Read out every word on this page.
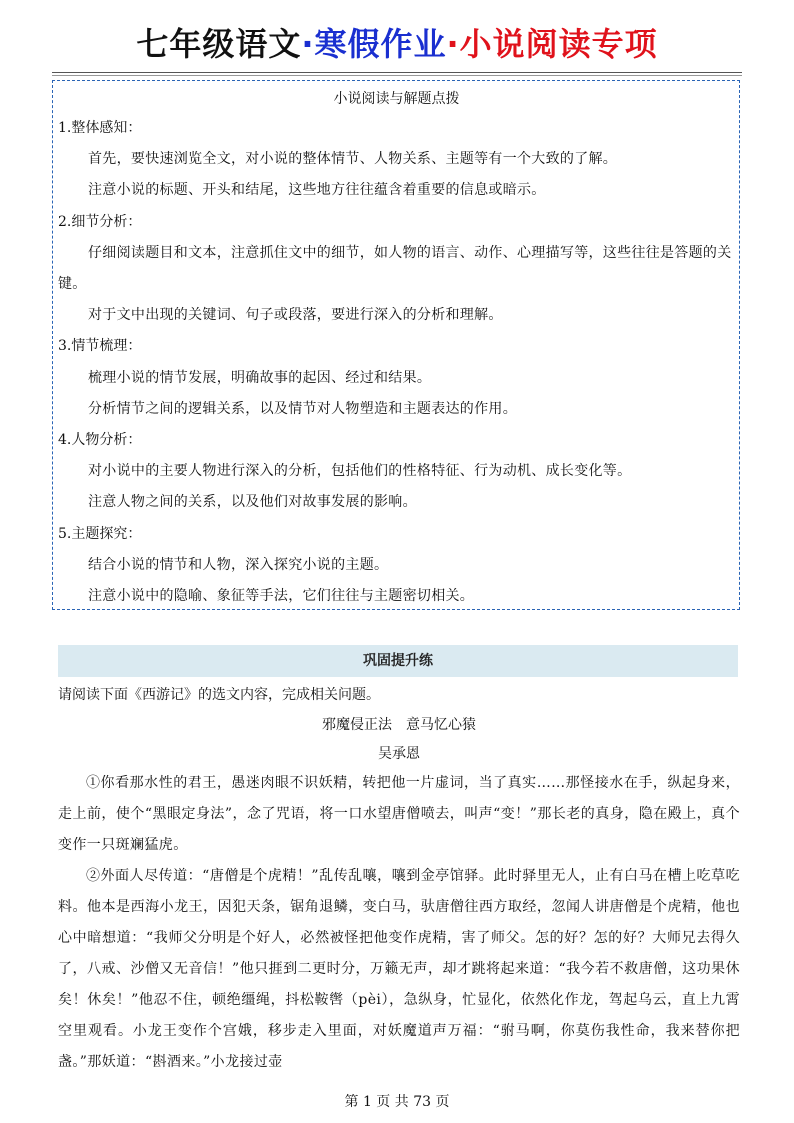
七年级语文·寒假作业·小说阅读专项
小说阅读与解题点拨
1.整体感知：
首先，要快速浏览全文，对小说的整体情节、人物关系、主题等有一个大致的了解。
注意小说的标题、开头和结尾，这些地方往往蕴含着重要的信息或暗示。
2.细节分析：
仔细阅读题目和文本，注意抓住文中的细节，如人物的语言、动作、心理描写等，这些往往是答题的关键。
对于文中出现的关键词、句子或段落，要进行深入的分析和理解。
3.情节梳理：
梳理小说的情节发展，明确故事的起因、经过和结果。
分析情节之间的逻辑关系，以及情节对人物塑造和主题表达的作用。
4.人物分析：
对小说中的主要人物进行深入的分析，包括他们的性格特征、行为动机、成长变化等。
注意人物之间的关系，以及他们对故事发展的影响。
5.主题探究：
结合小说的情节和人物，深入探究小说的主题。
注意小说中的隐喻、象征等手法，它们往往与主题密切相关。
巩固提升练
请阅读下面《西游记》的选文内容，完成相关问题。
邪魔侵正法　意马忆心猿
吴承恩
①你看那水性的君王，愚迷肉眼不识妖精，转把他一片虚词，当了真实……那怪接水在手，纵起身来，走上前，使个“黑眼定身法”，念了咒语，将一口水望唐僧喷去，叫声“变！”那长老的真身，隐在殿上，真个变作一只斑斓猛虎。
②外面人尽传道：“唐僧是个虎精！”乱传乱嚷，嚷到金亭馆驿。此时驿里无人，止有白马在槽上吃草吃料。他本是西海小龙王，因犯天条，锯角退鳞，变白马，驮唐僧往西方取经，忽闻人讲唐僧是个虎精，他也心中暗想道：“我师父分明是个好人，必然被怪把他变作虎精，害了师父。怎的好？怎的好？大师兄去得久了，八戒、沙僧又无音信！”他只捱到二更时分，万籁无声，却才跳将起来道：“我今若不救唐僧，这功果休矣！休矣！”他忍不住，顿绝缰绳，抖松鞍辔（pèi），急纵身，忙显化，依然化作龙，驾起乌云，直上九霄空里观看。小龙王变作个宫娥，移步走入里面，对妖魔道声万福：“驸马啊，你莫伤我性命，我来替你把盏。”那妖道：“斟酒来。”小龙接过壶
第 1 页 共 73 页
